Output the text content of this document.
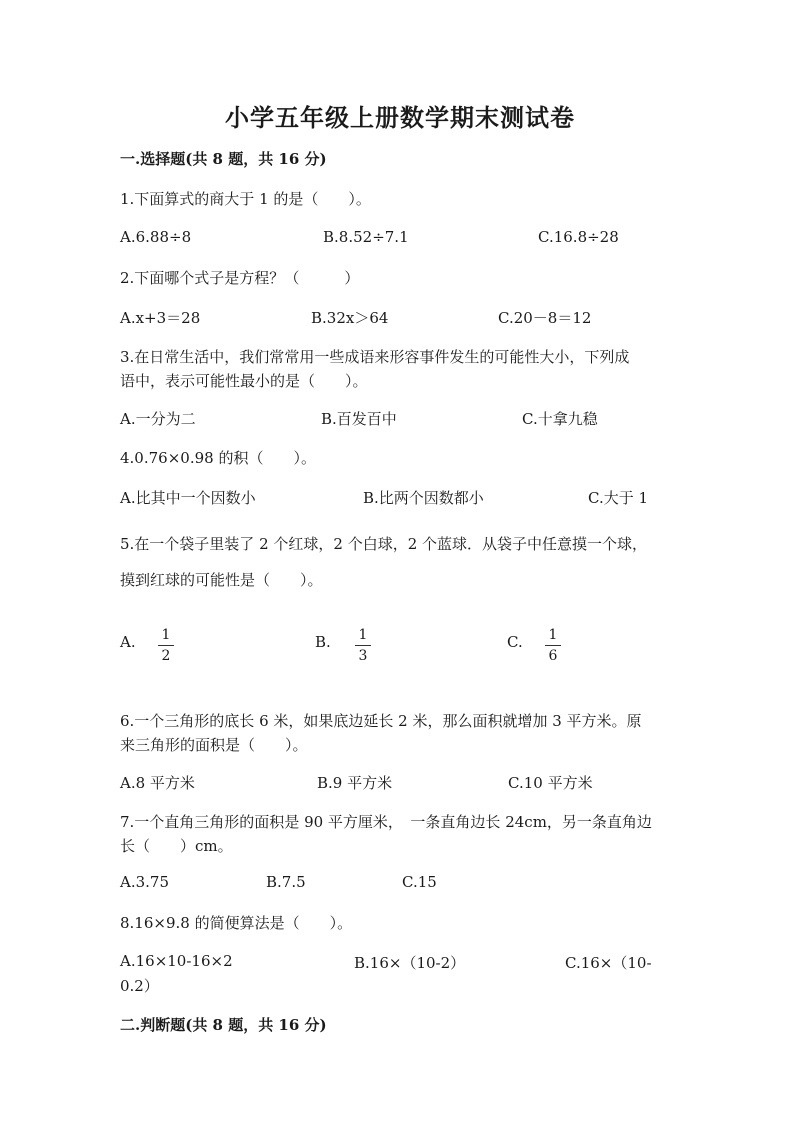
小学五年级上册数学期末测试卷
一.选择题(共 8 题，共 16 分)
1.下面算式的商大于 1 的是（　　）。
A.6.88÷8	B.8.52÷7.1	C.16.8÷28
2.下面哪个式子是方程？（　　　）
A.x+3＝28	B.32x＞64	C.20－8＝12
3.在日常生活中，我们常常用一些成语来形容事件发生的可能性大小，下列成
语中，表示可能性最小的是（　　）。
A.一分为二	B.百发百中	C.十拿九稳
4.0.76×0.98 的积（　　）。
A.比其中一个因数小	B.比两个因数都小	C.大于 1
5.在一个袋子里装了 2 个红球，2 个白球，2 个蓝球．从袋子中任意摸一个球，
摸到红球的可能性是（　　）。
A. 1
2
B. 1
3
C. 1
6
6.一个三角形的底长 6 米，如果底边延长 2 米，那么面积就增加 3 平方米。原
来三角形的面积是（　　）。
A.8 平方米	B.9 平方米	C.10 平方米
7.一个直角三角形的面积是 90 平方厘米，　一条直角边长 24cm，另一条直角边
长（　　）cm。
A.3.75	B.7.5	C.15
8.16×9.8 的简便算法是（　　）。
A.16×10-16×2	B.16×（10-2）	C.16×（10-
0.2）
二.判断题(共 8 题，共 16 分)
